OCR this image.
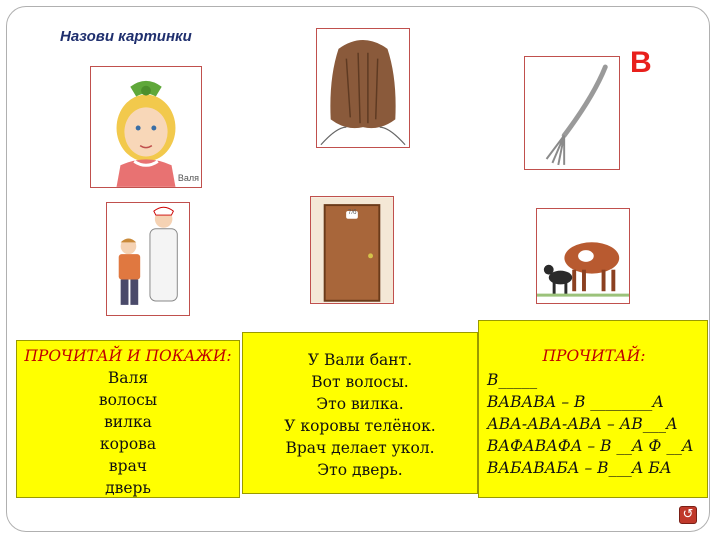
Назови картинки
В
Валя
7/б
ПРОЧИТАЙ И ПОКАЖИ:
Валя
волосы
вилка
корова
врач
дверь
У Вали бант.
Вот волосы.
Это вилка.
У коровы телёнок.
Врач делает укол.
Это дверь.
ПРОЧИТАЙ:
В_____
ВАВАВА – В ________А
АВА-АВА-АВА – АВ___А
ВАФАВАФА – В __А Ф __А
ВАБАВАБА – В___А БА
↺
